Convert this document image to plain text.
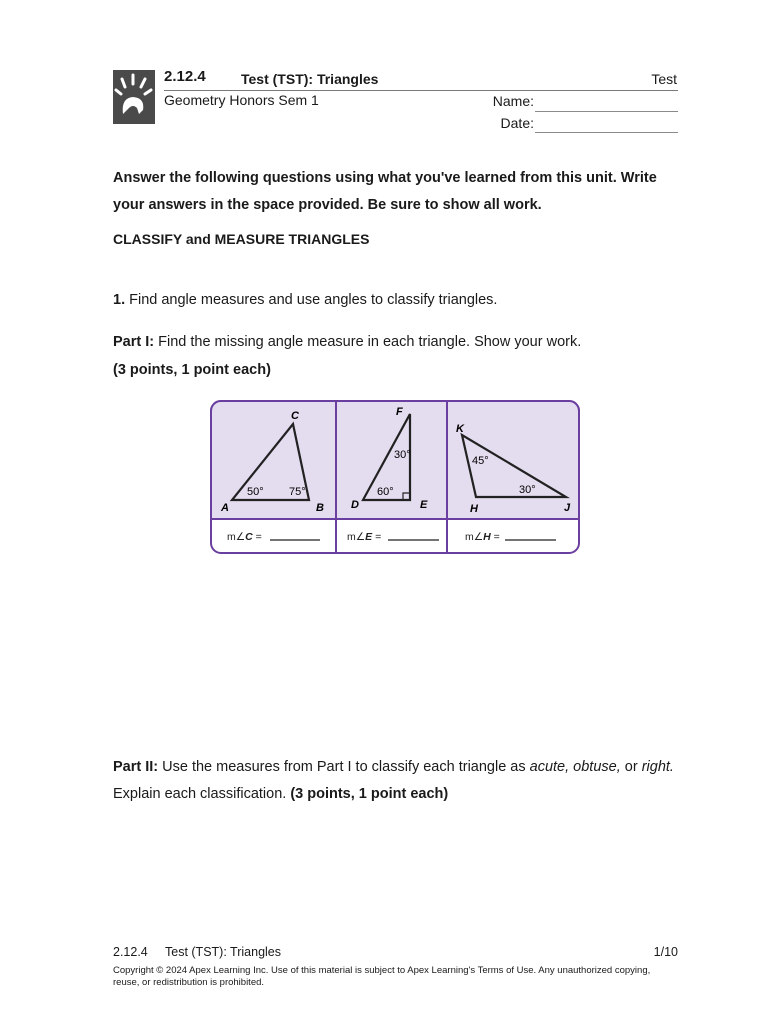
2.12.4	Test (TST): Triangles	Test
Geometry Honors Sem 1	Name:
Date:
Answer the following questions using what you've learned from this unit. Write your answers in the space provided. Be sure to show all work.
CLASSIFY and MEASURE TRIANGLES
1. Find angle measures and use angles to classify triangles.
Part I: Find the missing angle measure in each triangle. Show your work.
(3 points, 1 point each)
A	B
C
50° 75°
D	E
F
30°
60°
H	J
K
45°
30°
m∠C =	m∠E =	m∠H =
Part II: Use the measures from Part I to classify each triangle as acute, obtuse, or right. Explain each classification. (3 points, 1 point each)
2.12.4 Test (TST): Triangles	1/10
Copyright © 2024 Apex Learning Inc. Use of this material is subject to Apex Learning's Terms of Use. Any unauthorized copying, reuse, or redistribution is prohibited.
